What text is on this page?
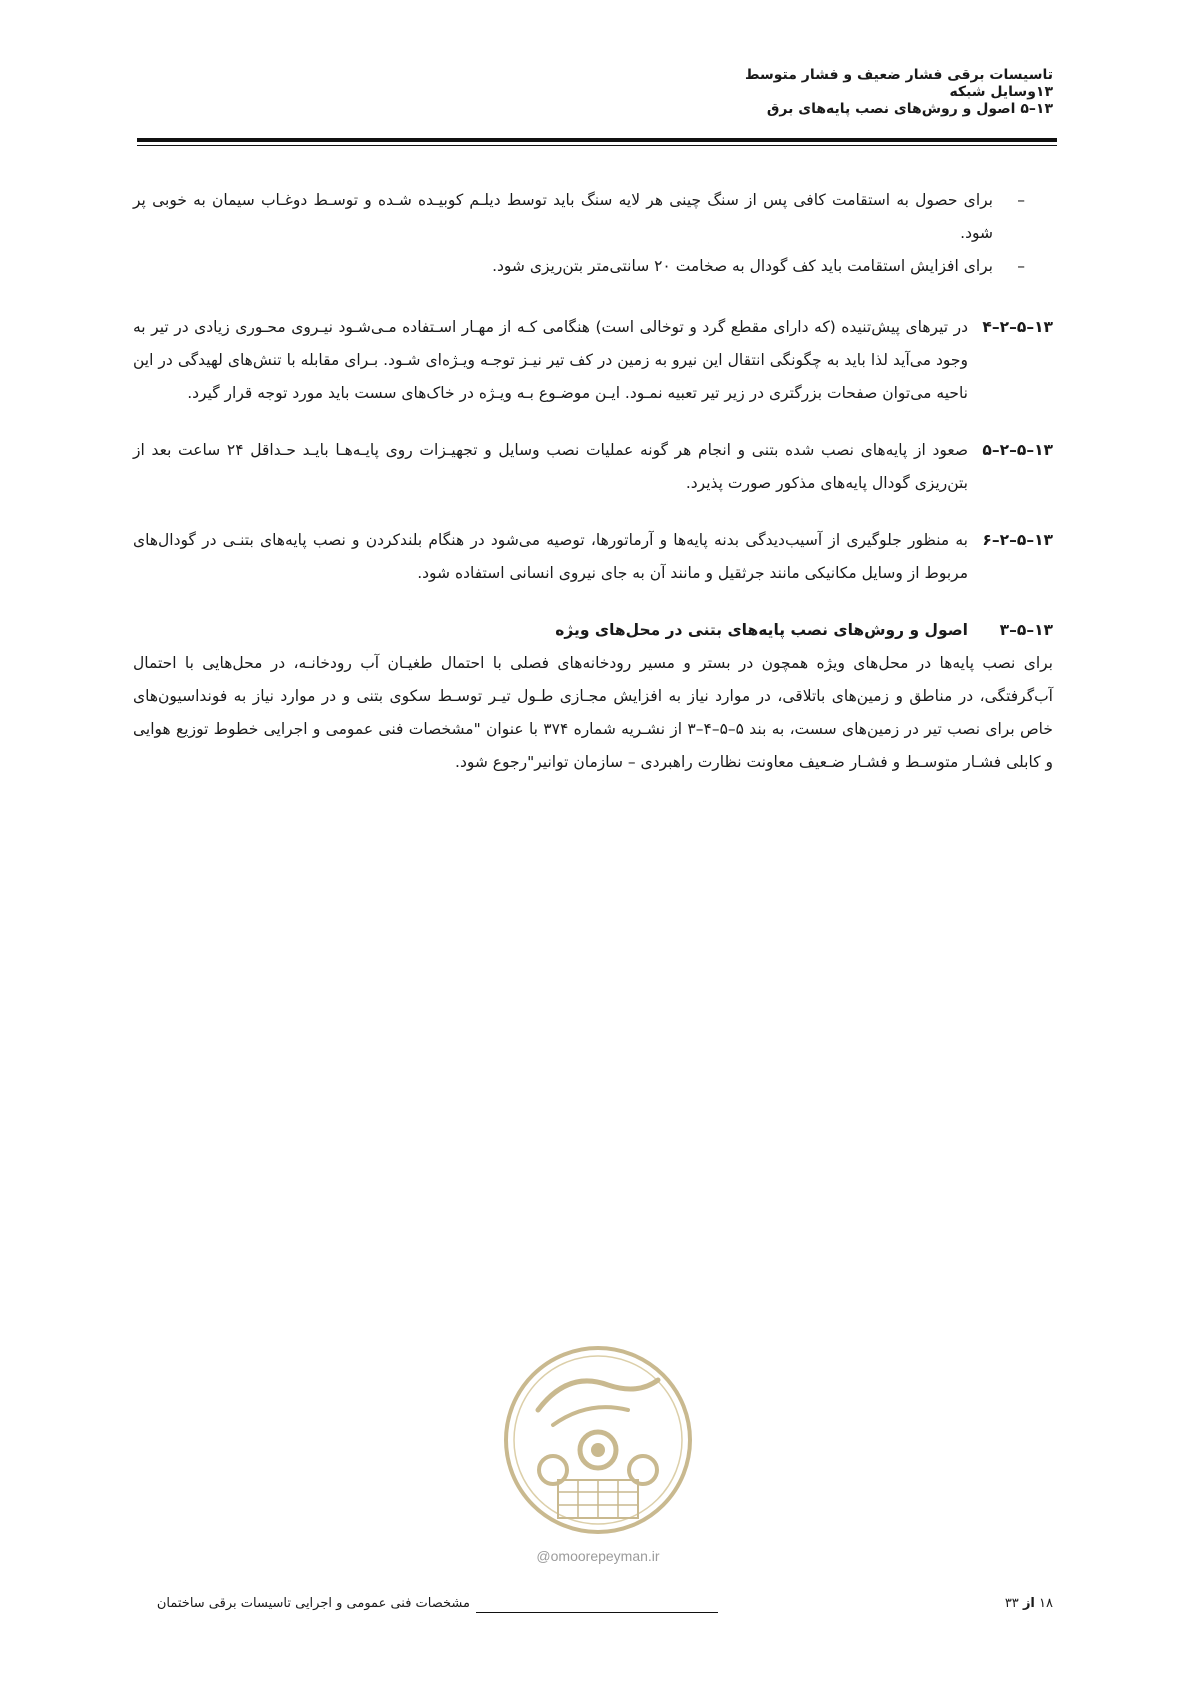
تاسیسات برقی فشار ضعیف و فشار متوسط
۱۳وسایل شبکه
۱۳–۵ اصول و روش‌های نصب پایه‌های برق
–
برای حصول به استقامت کافی پس از سنگ چینی هر لایه سنگ باید توسط دیلـم کوبیـده شـده و توسـط دوغـاب سیمان به خوبی پر شود.
–
برای افزایش استقامت باید کف گودال به صخامت ۲۰ سانتی‌متر بتن‌ریزی شود.
۱۳–۵–۲–۴
در تیرهای پیش‌تنیده (که دارای مقطع گرد و توخالی است) هنگامی کـه از مهـار اسـتفاده مـی‌شـود نیـروی محـوری زیادی در تیر به وجود می‌آید لذا باید به چگونگی انتقال این نیرو به زمین در کف تیر نیـز توجـه ویـژه‌ای شـود. بـرای مقابله با تنش‌های لهیدگی در این ناحیه می‌توان صفحات بزرگتری در زیر تیر تعبیه نمـود. ایـن موضـوع بـه ویـژه در خاک‌های سست باید مورد توجه قرار گیرد.
۱۳–۵–۲–۵
صعود از پایه‌های نصب شده بتنی و انجام هر گونه عملیات نصب وسایل و تجهیـزات روی پایـه‌هـا بایـد حـداقل ۲۴ ساعت بعد از بتن‌ریزی گودال پایه‌های مذکور صورت پذیرد.
۱۳–۵–۲–۶
به منظور جلوگیری از آسیب‌دیدگی بدنه پایه‌ها و آرماتورها، توصیه می‌شود در هنگام بلندکردن و نصب پایه‌های بتنـی در گودال‌های مربوط از وسایل مکانیکی مانند جرثقیل و مانند آن به جای نیروی انسانی استفاده شود.
۱۳–۵–۳
اصول و روش‌های نصب پایه‌های بتنی در محل‌های ویژه
برای نصب پایه‌ها در محل‌های ویژه همچون در بستر و مسیر رودخانه‌های فصلی با احتمال طغیـان آب رودخانـه، در محل‌هایی با احتمال آب‌گرفتگی، در مناطق و زمین‌های باتلاقی، در موارد نیاز به افزایش مجـازی طـول تیـر توسـط سکوی بتنی و در موارد نیاز به فونداسیون‌های خاص برای نصب تیر در زمین‌های سست، به بند ۵–۵–۴–۳ از نشـریه شماره ۳۷۴ با عنوان "مشخصات فنی عمومی و اجرایی خطوط توزیع هوایی و کابلی فشـار متوسـط و فشـار ضـعیف معاونت نظارت راهبردی – سازمان توانیر"رجوع شود.
@omoorepeyman.ir
مشخصات فنی عمومی و اجرایی تاسیسات برقی ساختمان	۱۸ از ۳۳
